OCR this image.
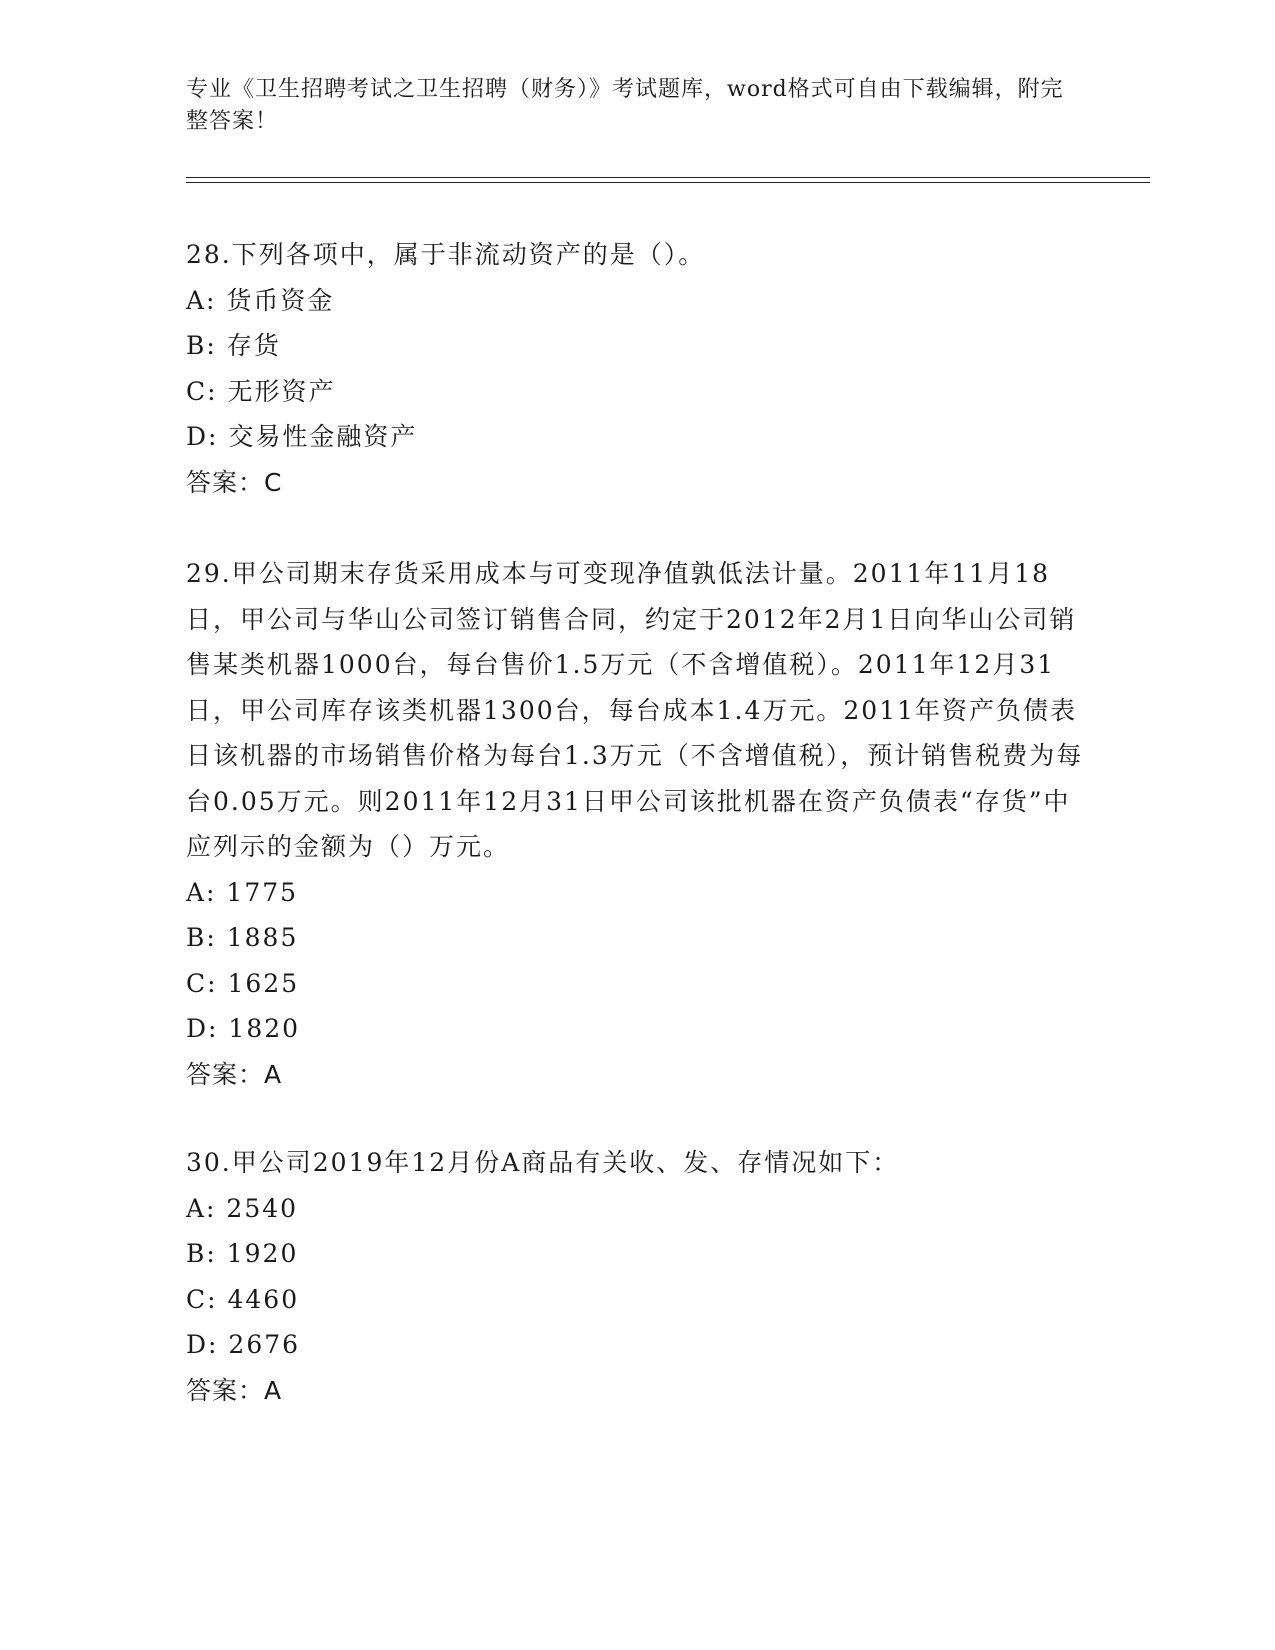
专业《卫生招聘考试之卫生招聘（财务）》考试题库，word格式可自由下载编辑，附完整答案！

28.下列各项中，属于非流动资产的是（）。

A: 货币资金

B: 存货

C: 无形资产

D: 交易性金融资产

答案：C

29.甲公司期末存货采用成本与可变现净值孰低法计量。2011年11月18日，甲公司与华山公司签订销售合同，约定于2012年2月1日向华山公司销售某类机器1000台，每台售价1.5万元（不含增值税）。2011年12月31日，甲公司库存该类机器1300台，每台成本1.4万元。2011年资产负债表日该机器的市场销售价格为每台1.3万元（不含增值税），预计销售税费为每台0.05万元。则2011年12月31日甲公司该批机器在资产负债表“存货”中应列示的金额为（）万元。

A: 1775

B: 1885

C: 1625

D: 1820

答案：A

30.甲公司2019年12月份A商品有关收、发、存情况如下：

A: 2540

B: 1920

C: 4460

D: 2676

答案：A
